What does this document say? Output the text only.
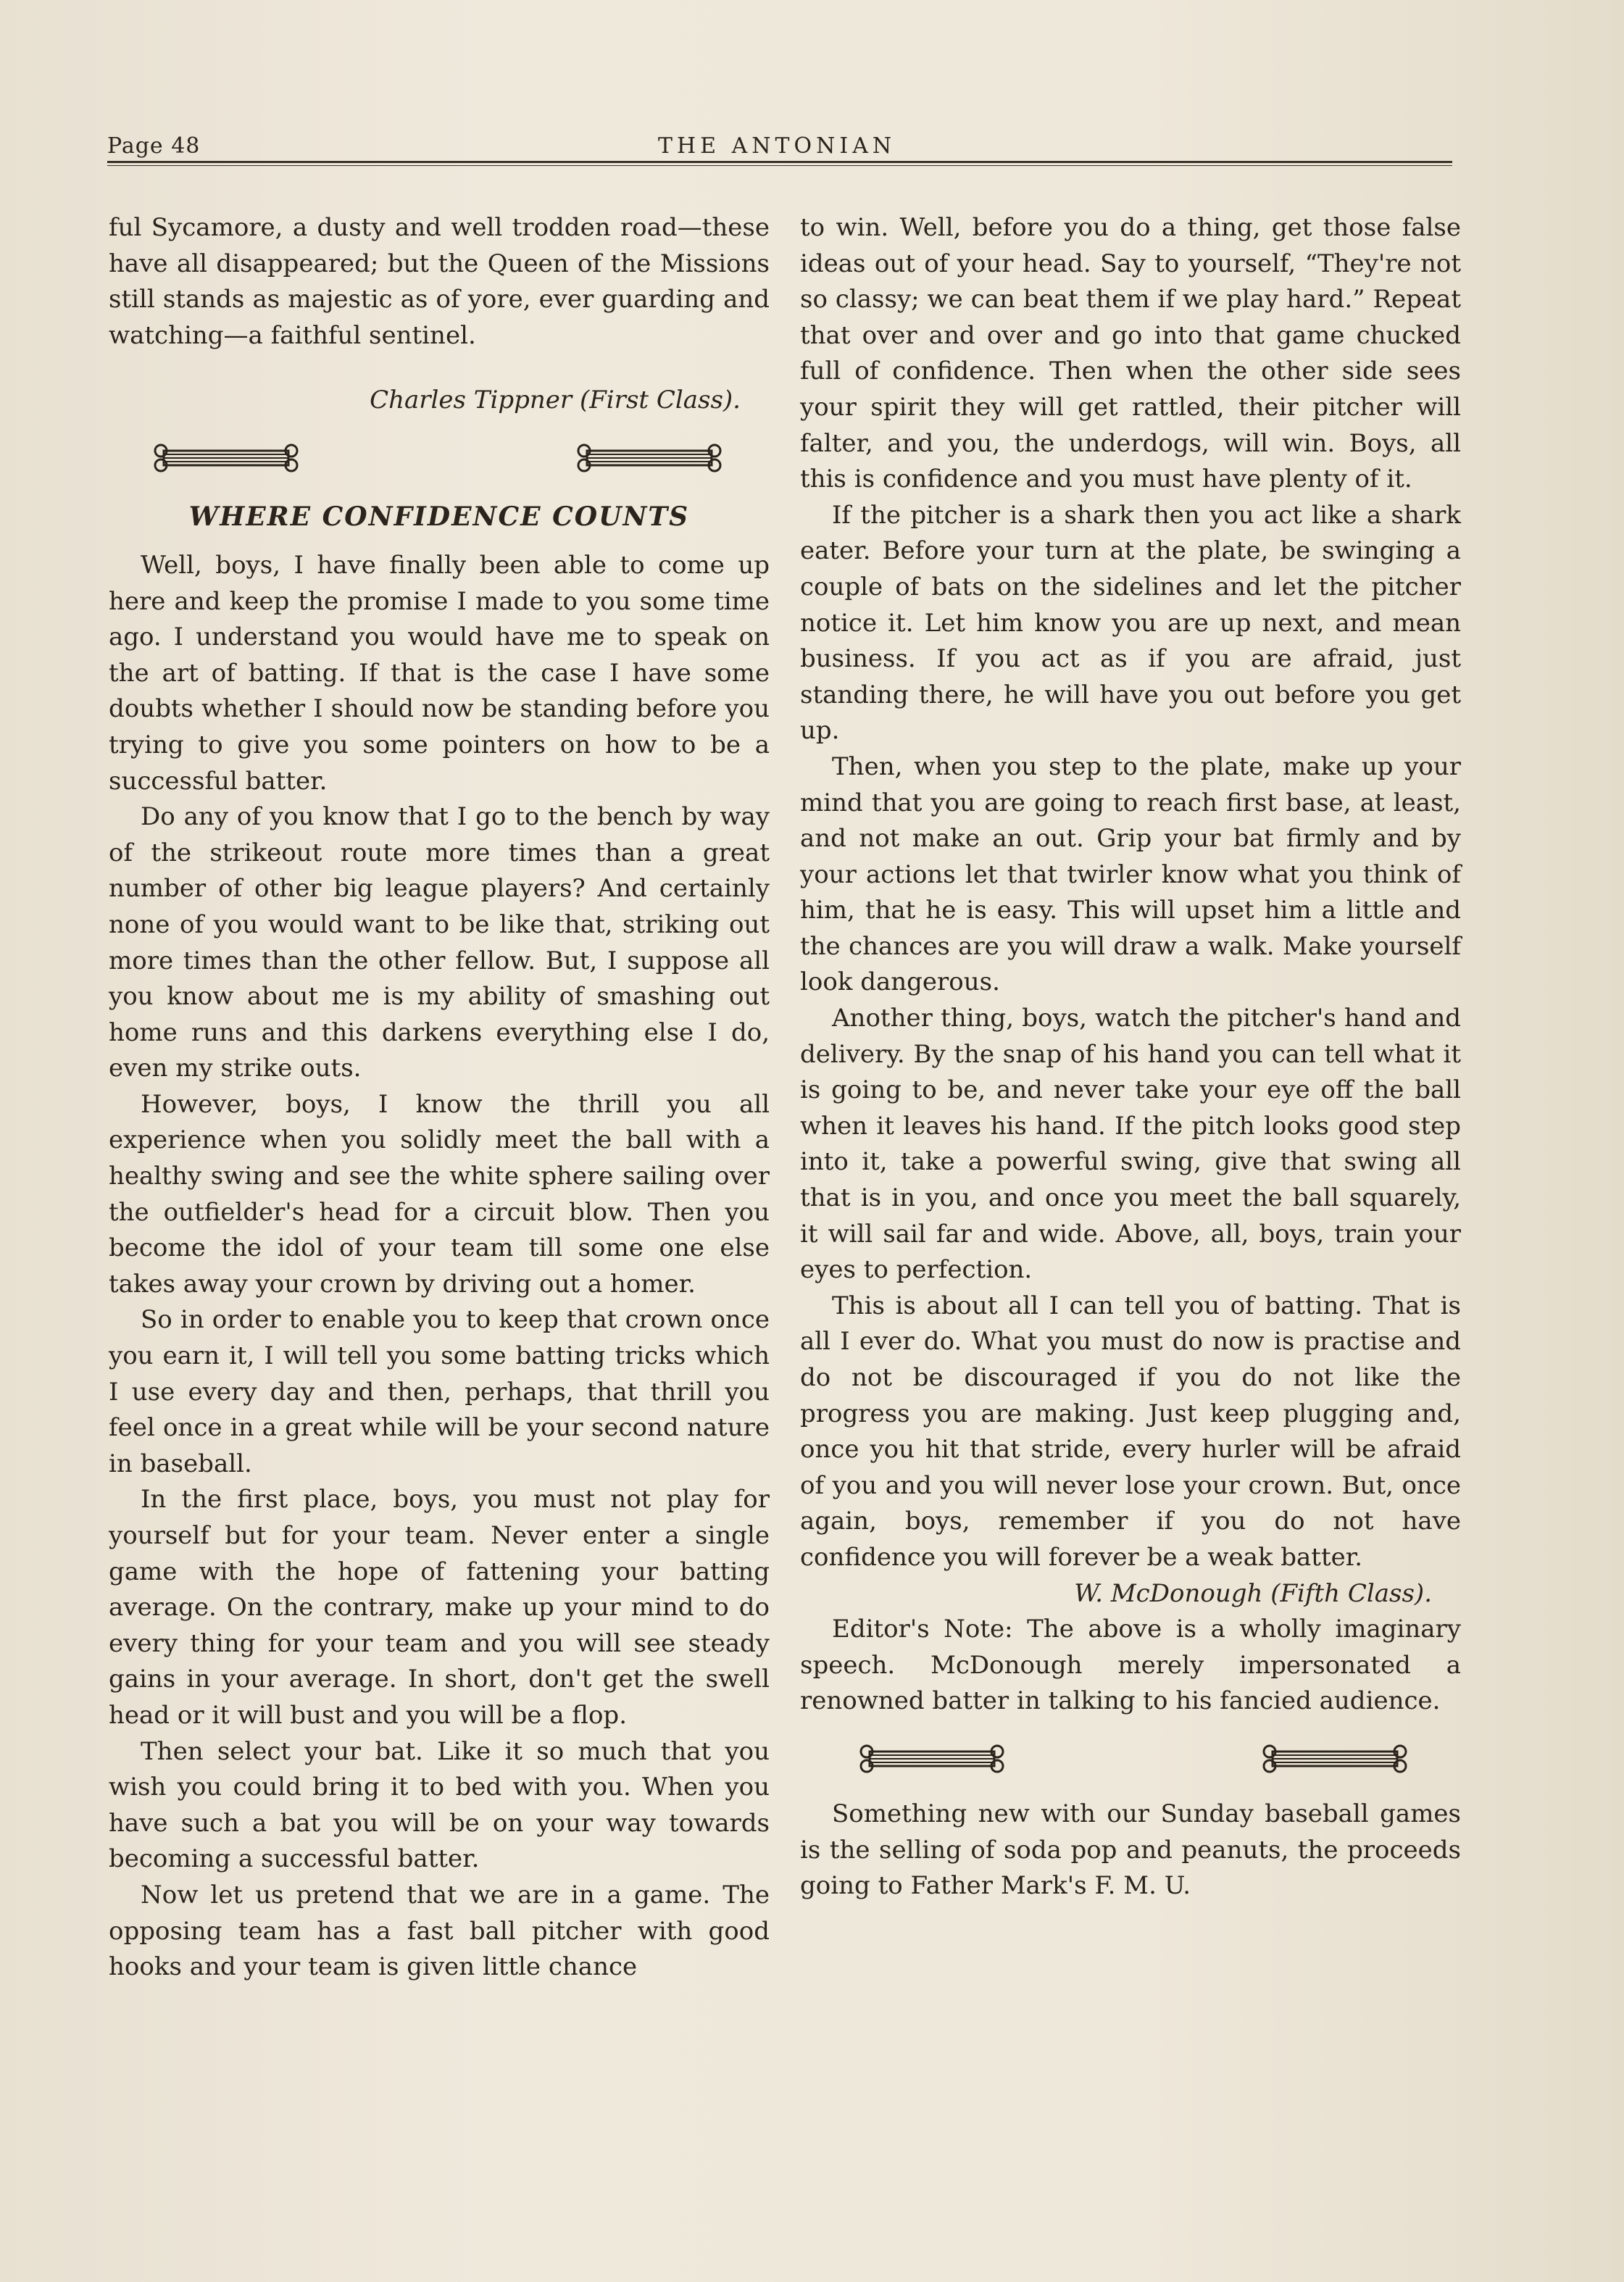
Page 48	THE ANTONIAN

ful Sycamore, a dusty and well trodden road—these have all disappeared; but the Queen of the Missions still stands as majestic as of yore, ever guarding and watching—a faithful sentinel.

Charles Tippner (First Class).

WHERE CONFIDENCE COUNTS

Well, boys, I have finally been able to come up here and keep the promise I made to you some time ago. I understand you would have me to speak on the art of batting. If that is the case I have some doubts whether I should now be standing before you trying to give you some pointers on how to be a successful batter.

Do any of you know that I go to the bench by way of the strikeout route more times than a great number of other big league players? And certainly none of you would want to be like that, striking out more times than the other fellow. But, I suppose all you know about me is my ability of smashing out home runs and this darkens everything else I do, even my strike outs.

However, boys, I know the thrill you all experience when you solidly meet the ball with a healthy swing and see the white sphere sailing over the outfielder's head for a circuit blow. Then you become the idol of your team till some one else takes away your crown by driving out a homer.

So in order to enable you to keep that crown once you earn it, I will tell you some batting tricks which I use every day and then, perhaps, that thrill you feel once in a great while will be your second nature in baseball.

In the first place, boys, you must not play for yourself but for your team. Never enter a single game with the hope of fattening your batting average. On the contrary, make up your mind to do every thing for your team and you will see steady gains in your average. In short, don't get the swell head or it will bust and you will be a flop.

Then select your bat. Like it so much that you wish you could bring it to bed with you. When you have such a bat you will be on your way towards becoming a successful batter.

Now let us pretend that we are in a game. The opposing team has a fast ball pitcher with good hooks and your team is given little chance

to win. Well, before you do a thing, get those false ideas out of your head. Say to yourself, “They're not so classy; we can beat them if we play hard.” Repeat that over and over and go into that game chucked full of confidence. Then when the other side sees your spirit they will get rattled, their pitcher will falter, and you, the underdogs, will win. Boys, all this is confidence and you must have plenty of it.

If the pitcher is a shark then you act like a shark eater. Before your turn at the plate, be swinging a couple of bats on the sidelines and let the pitcher notice it. Let him know you are up next, and mean business. If you act as if you are afraid, just standing there, he will have you out before you get up.

Then, when you step to the plate, make up your mind that you are going to reach first base, at least, and not make an out. Grip your bat firmly and by your actions let that twirler know what you think of him, that he is easy. This will upset him a little and the chances are you will draw a walk. Make yourself look dangerous.

Another thing, boys, watch the pitcher's hand and delivery. By the snap of his hand you can tell what it is going to be, and never take your eye off the ball when it leaves his hand. If the pitch looks good step into it, take a powerful swing, give that swing all that is in you, and once you meet the ball squarely, it will sail far and wide. Above, all, boys, train your eyes to perfection.

This is about all I can tell you of batting. That is all I ever do. What you must do now is practise and do not be discouraged if you do not like the progress you are making. Just keep plugging and, once you hit that stride, every hurler will be afraid of you and you will never lose your crown. But, once again, boys, remember if you do not have confidence you will forever be a weak batter.

W. McDonough (Fifth Class).

Editor's Note: The above is a wholly imaginary speech. McDonough merely impersonated a renowned batter in talking to his fancied audience.

Something new with our Sunday baseball games is the selling of soda pop and peanuts, the proceeds going to Father Mark's F. M. U.
